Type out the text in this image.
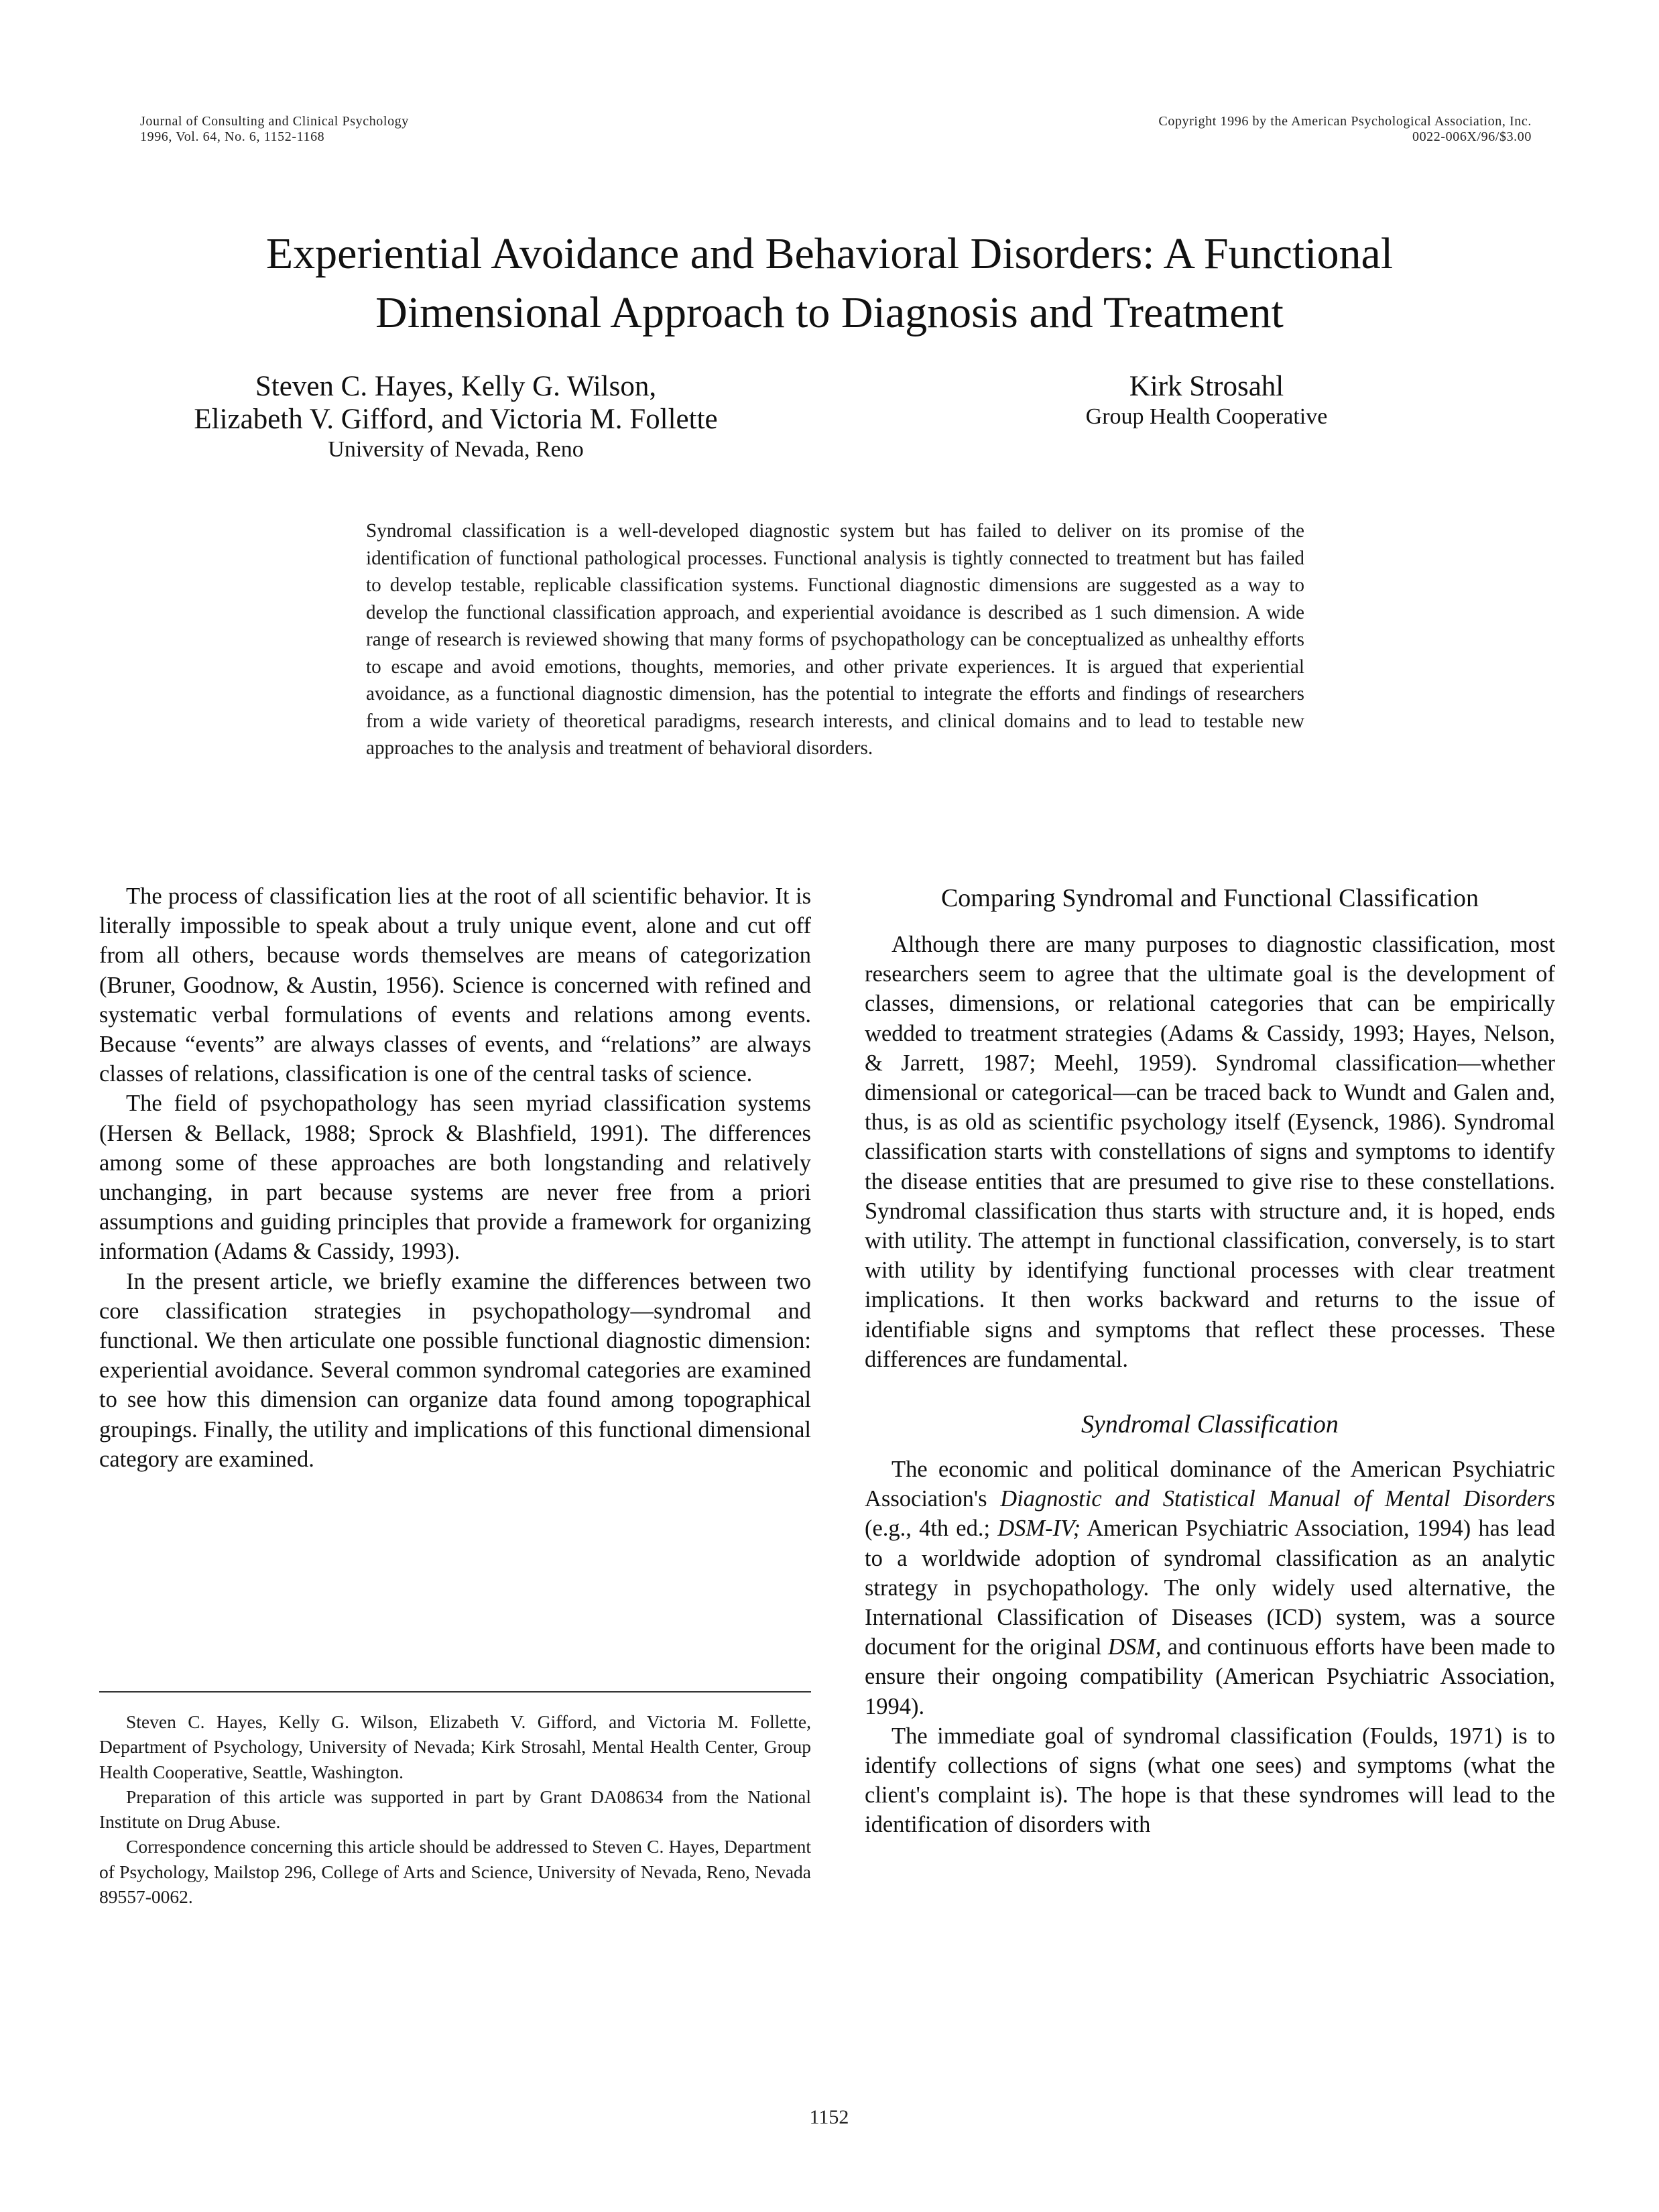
Journal of Consulting and Clinical Psychology
1996, Vol. 64, No. 6, 1152-1168
Copyright 1996 by the American Psychological Association, Inc.
0022-006X/96/$3.00
Experiential Avoidance and Behavioral Disorders: A Functional
Dimensional Approach to Diagnosis and Treatment
Steven C. Hayes, Kelly G. Wilson,
Elizabeth V. Gifford, and Victoria M. Follette
University of Nevada, Reno
Kirk Strosahl
Group Health Cooperative
Syndromal classification is a well-developed diagnostic system but has failed to deliver on its promise of the identification of functional pathological processes. Functional analysis is tightly connected to treatment but has failed to develop testable, replicable classification systems. Functional diagnostic dimensions are suggested as a way to develop the functional classification approach, and experiential avoidance is described as 1 such dimension. A wide range of research is reviewed showing that many forms of psychopathology can be conceptualized as unhealthy efforts to escape and avoid emotions, thoughts, memories, and other private experiences. It is argued that experiential avoidance, as a functional diagnostic dimension, has the potential to integrate the efforts and findings of researchers from a wide variety of theoretical paradigms, research interests, and clinical domains and to lead to testable new approaches to the analysis and treatment of behavioral disorders.

The process of classification lies at the root of all scientific behavior. It is literally impossible to speak about a truly unique event, alone and cut off from all others, because words themselves are means of categorization (Bruner, Goodnow, & Austin, 1956). Science is concerned with refined and systematic verbal formulations of events and relations among events. Because “events” are always classes of events, and “relations” are always classes of relations, classification is one of the central tasks of science.

The field of psychopathology has seen myriad classification systems (Hersen & Bellack, 1988; Sprock & Blashfield, 1991). The differences among some of these approaches are both longstanding and relatively unchanging, in part because systems are never free from a priori assumptions and guiding principles that provide a framework for organizing information (Adams & Cassidy, 1993).

In the present article, we briefly examine the differences between two core classification strategies in psychopathology—syndromal and functional. We then articulate one possible functional diagnostic dimension: experiential avoidance. Several common syndromal categories are examined to see how this dimension can organize data found among topographical groupings. Finally, the utility and implications of this functional dimensional category are examined.

Steven C. Hayes, Kelly G. Wilson, Elizabeth V. Gifford, and Victoria M. Follette, Department of Psychology, University of Nevada; Kirk Strosahl, Mental Health Center, Group Health Cooperative, Seattle, Washington.

Preparation of this article was supported in part by Grant DA08634 from the National Institute on Drug Abuse.

Correspondence concerning this article should be addressed to Steven C. Hayes, Department of Psychology, Mailstop 296, College of Arts and Science, University of Nevada, Reno, Nevada 89557-0062.

Comparing Syndromal and Functional Classification

Although there are many purposes to diagnostic classification, most researchers seem to agree that the ultimate goal is the development of classes, dimensions, or relational categories that can be empirically wedded to treatment strategies (Adams & Cassidy, 1993; Hayes, Nelson, & Jarrett, 1987; Meehl, 1959). Syndromal classification—whether dimensional or categorical—can be traced back to Wundt and Galen and, thus, is as old as scientific psychology itself (Eysenck, 1986). Syndromal classification starts with constellations of signs and symptoms to identify the disease entities that are presumed to give rise to these constellations. Syndromal classification thus starts with structure and, it is hoped, ends with utility. The attempt in functional classification, conversely, is to start with utility by identifying functional processes with clear treatment implications. It then works backward and returns to the issue of identifiable signs and symptoms that reflect these processes. These differences are fundamental.

Syndromal Classification

The economic and political dominance of the American Psychiatric Association's Diagnostic and Statistical Manual of Mental Disorders (e.g., 4th ed.; DSM-IV; American Psychiatric Association, 1994) has lead to a worldwide adoption of syndromal classification as an analytic strategy in psychopathology. The only widely used alternative, the International Classification of Diseases (ICD) system, was a source document for the original DSM, and continuous efforts have been made to ensure their ongoing compatibility (American Psychiatric Association, 1994).

The immediate goal of syndromal classification (Foulds, 1971) is to identify collections of signs (what one sees) and symptoms (what the client's complaint is). The hope is that these syndromes will lead to the identification of disorders with

1152
